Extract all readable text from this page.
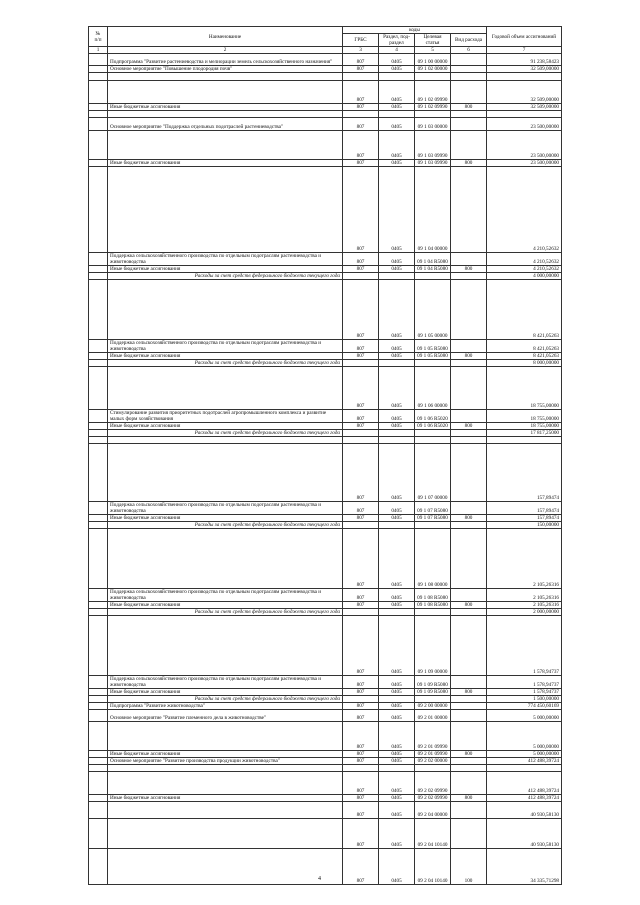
№
п/п	Наименование	коды				Годовой объем ассигнований
		ГРБС	Раздел, под-раздел	Целевая статья	Вид расхода	
1	2	3	4	5	6	7
	Подпрограмма "Развитие растениеводства и мелиорации земель сельскохозяйственного назначения"	807	0405	09 1 00 00000		91 238,58423
	Основное мероприятие "Повышение плодородия почв"	807	0405	09 1 02 00000		32 509,00000

		807	0405	09 1 02 09990		32 509,00000
	Иные бюджетные ассигнования	807	0405	09 1 02 09990	800	32 509,00000

	Основное мероприятие "Поддержка отдельных подотраслей растениеводства"	807	0405	09 1 03 00000		23 500,00000
		807	0405	09 1 03 09990		23 500,00000
	Иные бюджетные ассигнования	807	0405	09 1 03 09990	800	23 500,00000
		807	0405	09 1 04 00000		4 210,52632
	Поддержка сельскохозяйственного производства по отдельным подотраслям растениеводства и животноводства	807	0405	09 1 04 R5080		4 210,52632
	Иные бюджетные ассигнования	807	0405	09 1 04 R5080	800	4 210,52632
	Расходы за счет средств федерального бюджета текущего года					4 000,00000
		807	0405	09 1 05 00000		8 421,05263
	Поддержка сельскохозяйственного производства по отдельным подотраслям растениеводства и животноводства	807	0405	09 1 05 R5080		8 421,05263
	Иные бюджетные ассигнования	807	0405	09 1 05 R5080	800	8 421,05263
	Расходы за счет средств федерального бюджета текущего года					8 000,00000
		807	0405	09 1 06 00000		18 755,00000
	Стимулирование развития приоритетных подотраслей агропромышленного комплекса и развитие малых форм хозяйствования	807	0405	09 1 06 R5020		18 755,00000
	Иные бюджетные ассигнования	807	0405	09 1 06 R5020	800	18 755,00000
	Расходы за счет средств федерального бюджета текущего года					17 817,25000

		807	0405	09 1 07 00000		157,89474
	Поддержка сельскохозяйственного производства по отдельным подотраслям растениеводства и животноводства	807	0405	09 1 07 R5080		157,89474
	Иные бюджетные ассигнования	807	0405	09 1 07 R5080	800	157,89474
	Расходы за счет средств федерального бюджета текущего года					150,00000
		807	0405	09 1 08 00000		2 105,26316
	Поддержка сельскохозяйственного производства по отдельным подотраслям растениеводства и животноводства	807	0405	09 1 08 R5080		2 105,26316
	Иные бюджетные ассигнования	807	0405	09 1 08 R5080	800	2 105,26316
	Расходы за счет средств федерального бюджета текущего года					2 000,00000
		807	0405	09 1 09 00000		1 578,94737
	Поддержка сельскохозяйственного производства по отдельным подотраслям растениеводства и животноводства	807	0405	09 1 09 R5080		1 578,94737
	Иные бюджетные ассигнования	807	0405	09 1 09 R5080	800	1 578,94737
	Расходы за счет средств федерального бюджета текущего года					1 500,00000
	Подпрограмма "Развитие животноводства"	807	0405	09 2 00 00000		774 450,60169
	Основное мероприятие "Развитие племенного дела в животноводстве"	807	0405	09 2 01 00000		5 000,00000
		807	0405	09 2 01 09990		5 000,00000
	Иные бюджетные ассигнования	807	0405	09 2 01 09990	800	5 000,00000
	Основное мероприятие "Развитие производства продукции животноводства"	807	0405	09 2 02 00000		412 488,39724

		807	0405	09 2 02 09990		412 488,39724
	Иные бюджетные ассигнования	807	0405	09 2 02 09990	800	412 488,39724
		807	0405	09 2 04 00000		40 930,58130
		807	0405	09 2 04 10140		40 930,58130
		807	0405	09 2 04 10140	100	34 335,71298
4
